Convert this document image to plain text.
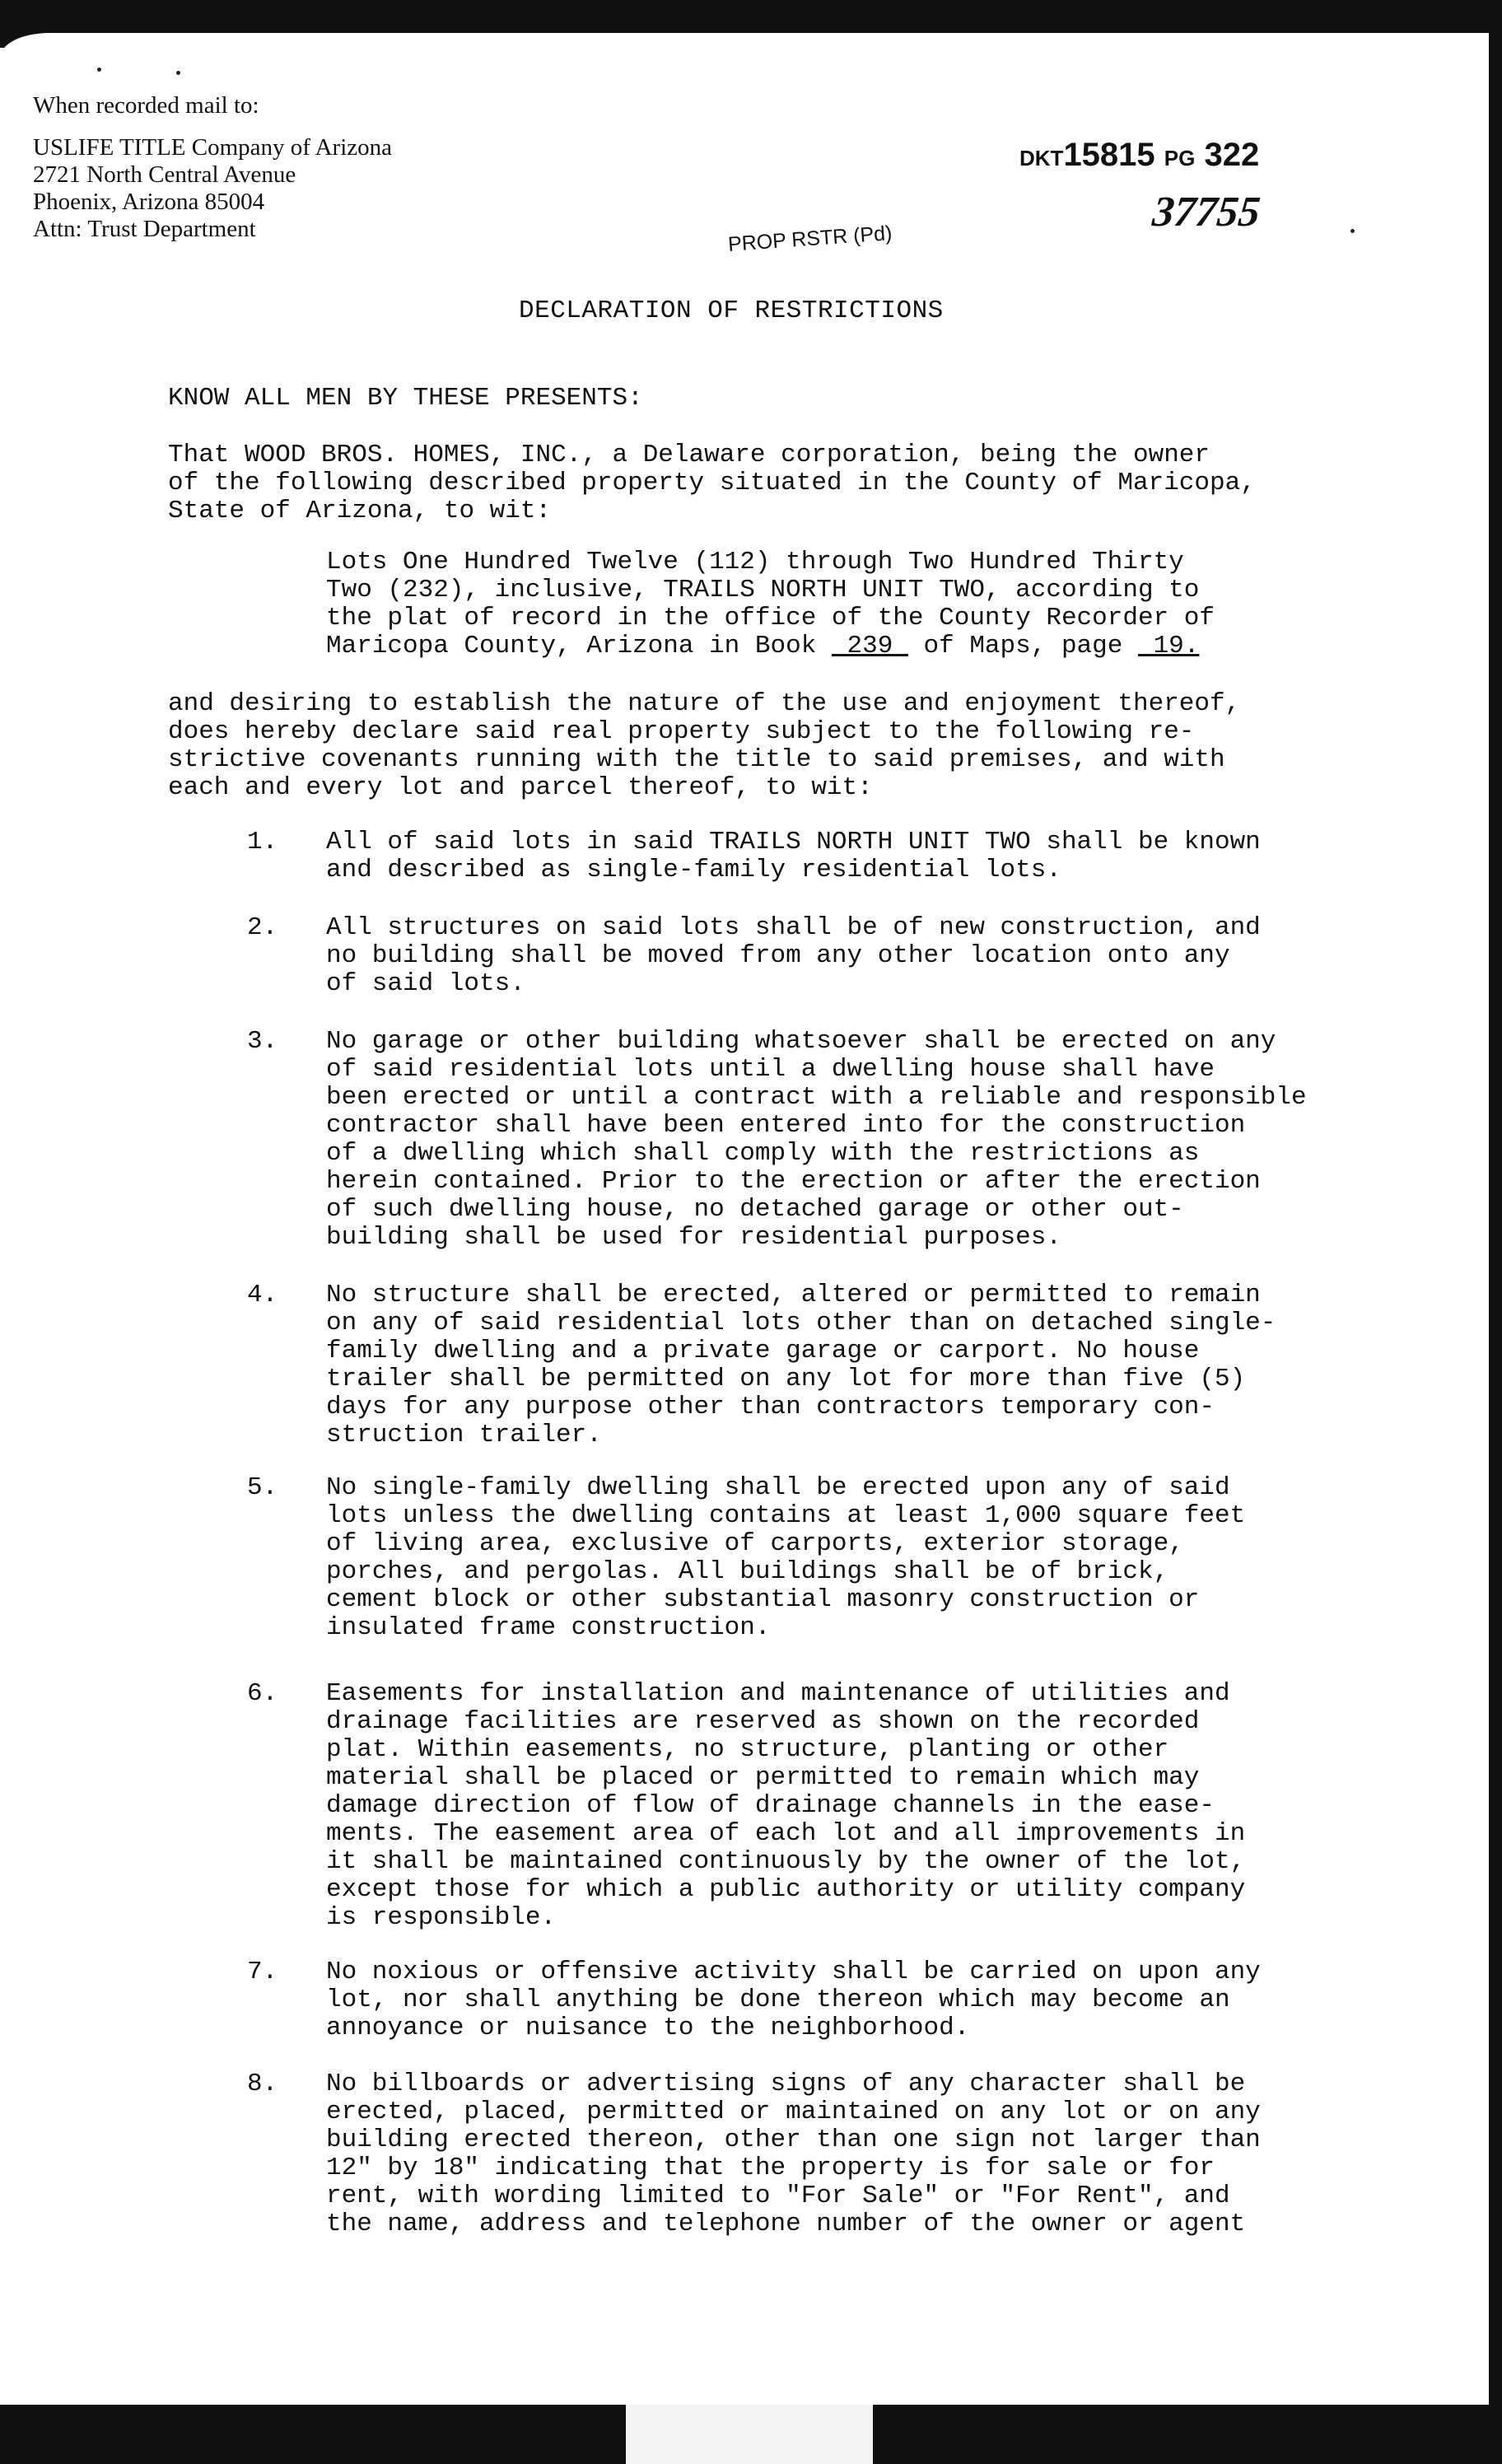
When recorded mail to:
USLIFE TITLE Company of Arizona
2721 North Central Avenue
Phoenix, Arizona 85004
Attn: Trust Department
DKT15815 PG 322
37755
PROP RSTR (Pd)
DECLARATION OF RESTRICTIONS
KNOW ALL MEN BY THESE PRESENTS:
That WOOD BROS. HOMES, INC., a Delaware corporation, being the owner
of the following described property situated in the County of Maricopa,
State of Arizona, to wit:
Lots One Hundred Twelve (112) through Two Hundred Thirty
Two (232), inclusive, TRAILS NORTH UNIT TWO, according to
the plat of record in the office of the County Recorder of
Maricopa County, Arizona in Book  239  of Maps, page  19.
and desiring to establish the nature of the use and enjoyment thereof,
does hereby declare said real property subject to the following re-
strictive covenants running with the title to said premises, and with
each and every lot and parcel thereof, to wit:
1.	All of said lots in said TRAILS NORTH UNIT TWO shall be known
and described as single-family residential lots.
2.	All structures on said lots shall be of new construction, and
no building shall be moved from any other location onto any
of said lots.
3.	No garage or other building whatsoever shall be erected on any
of said residential lots until a dwelling house shall have
been erected or until a contract with a reliable and responsible
contractor shall have been entered into for the construction
of a dwelling which shall comply with the restrictions as
herein contained. Prior to the erection or after the erection
of such dwelling house, no detached garage or other out-
building shall be used for residential purposes.
4.	No structure shall be erected, altered or permitted to remain
on any of said residential lots other than on detached single-
family dwelling and a private garage or carport. No house
trailer shall be permitted on any lot for more than five (5)
days for any purpose other than contractors temporary con-
struction trailer.
5.	No single-family dwelling shall be erected upon any of said
lots unless the dwelling contains at least 1,000 square feet
of living area, exclusive of carports, exterior storage,
porches, and pergolas. All buildings shall be of brick,
cement block or other substantial masonry construction or
insulated frame construction.
6.	Easements for installation and maintenance of utilities and
drainage facilities are reserved as shown on the recorded
plat. Within easements, no structure, planting or other
material shall be placed or permitted to remain which may
damage direction of flow of drainage channels in the ease-
ments. The easement area of each lot and all improvements in
it shall be maintained continuously by the owner of the lot,
except those for which a public authority or utility company
is responsible.
7.	No noxious or offensive activity shall be carried on upon any
lot, nor shall anything be done thereon which may become an
annoyance or nuisance to the neighborhood.
8.	No billboards or advertising signs of any character shall be
erected, placed, permitted or maintained on any lot or on any
building erected thereon, other than one sign not larger than
12" by 18" indicating that the property is for sale or for
rent, with wording limited to "For Sale" or "For Rent", and
the name, address and telephone number of the owner or agent
